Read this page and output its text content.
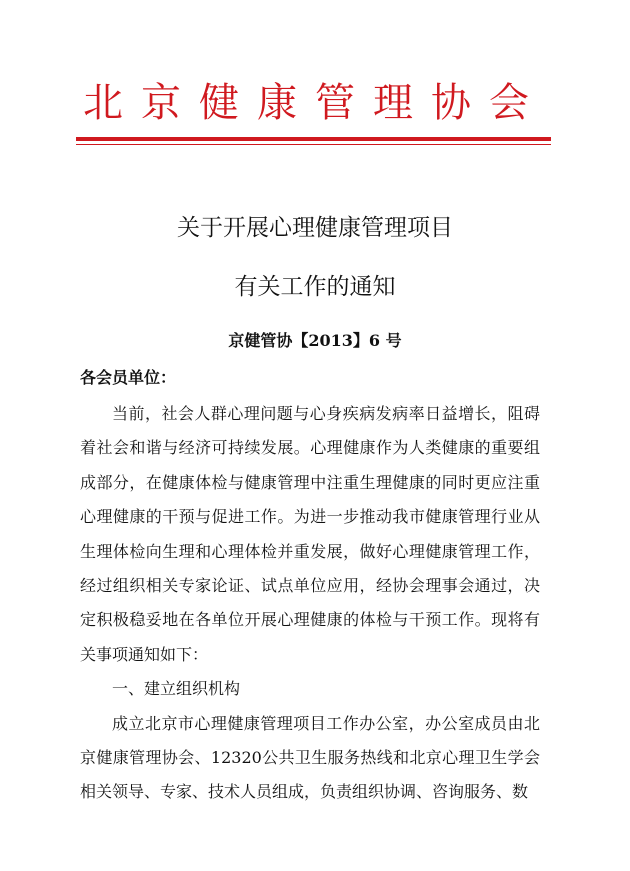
北京健康管理协会
关于开展心理健康管理项目
有关工作的通知
京健管协【2013】6 号
各会员单位：

当前，社会人群心理问题与心身疾病发病率日益增长，阻碍着社会和谐与经济可持续发展。心理健康作为人类健康的重要组成部分，在健康体检与健康管理中注重生理健康的同时更应注重心理健康的干预与促进工作。为进一步推动我市健康管理行业从生理体检向生理和心理体检并重发展，做好心理健康管理工作，经过组织相关专家论证、试点单位应用，经协会理事会通过，决定积极稳妥地在各单位开展心理健康的体检与干预工作。现将有关事项通知如下：

一、建立组织机构

成立北京市心理健康管理项目工作办公室，办公室成员由北京健康管理协会、12320公共卫生服务热线和北京心理卫生学会相关领导、专家、技术人员组成，负责组织协调、咨询服务、数
